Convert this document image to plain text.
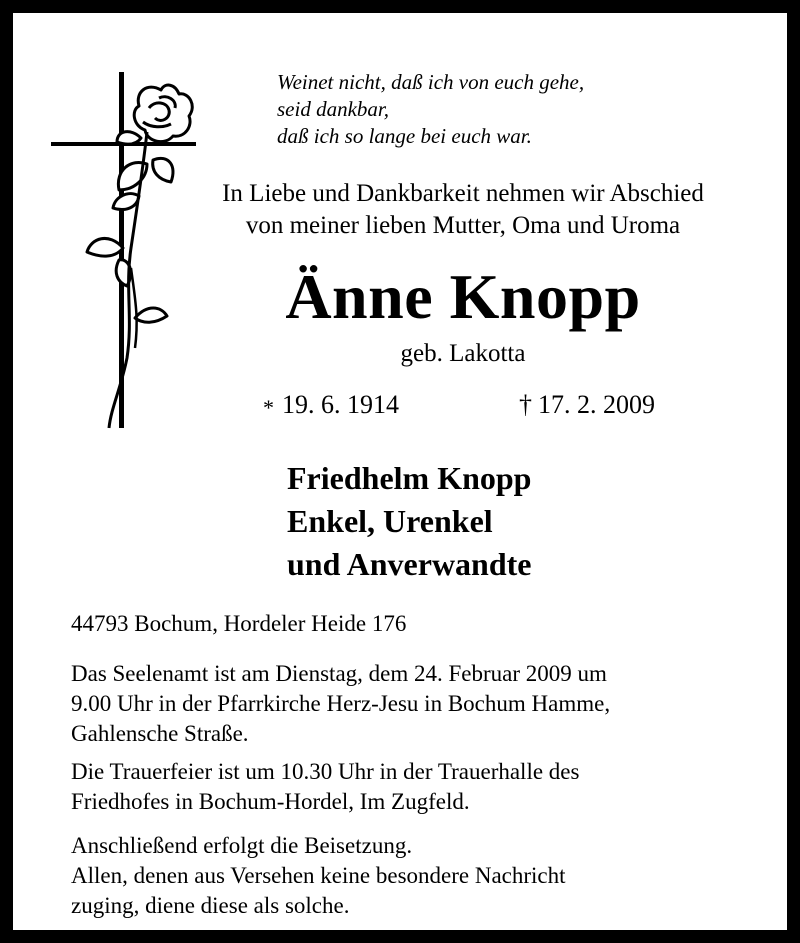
Weinet nicht, daß ich von euch gehe,
seid dankbar,
daß ich so lange bei euch war.
In Liebe und Dankbarkeit nehmen wir Abschied
von meiner lieben Mutter, Oma und Uroma
Änne Knopp
geb. Lakotta
* 19. 6. 1914	† 17. 2. 2009
Friedhelm Knopp
Enkel, Urenkel
und Anverwandte
44793 Bochum, Hordeler Heide 176
Das Seelenamt ist am Dienstag, dem 24. Februar 2009 um
9.00 Uhr in der Pfarrkirche Herz-Jesu in Bochum Hamme,
Gahlensche Straße.
Die Trauerfeier ist um 10.30 Uhr in der Trauerhalle des
Friedhofes in Bochum-Hordel, Im Zugfeld.
Anschließend erfolgt die Beisetzung.
Allen, denen aus Versehen keine besondere Nachricht
zuging, diene diese als solche.
